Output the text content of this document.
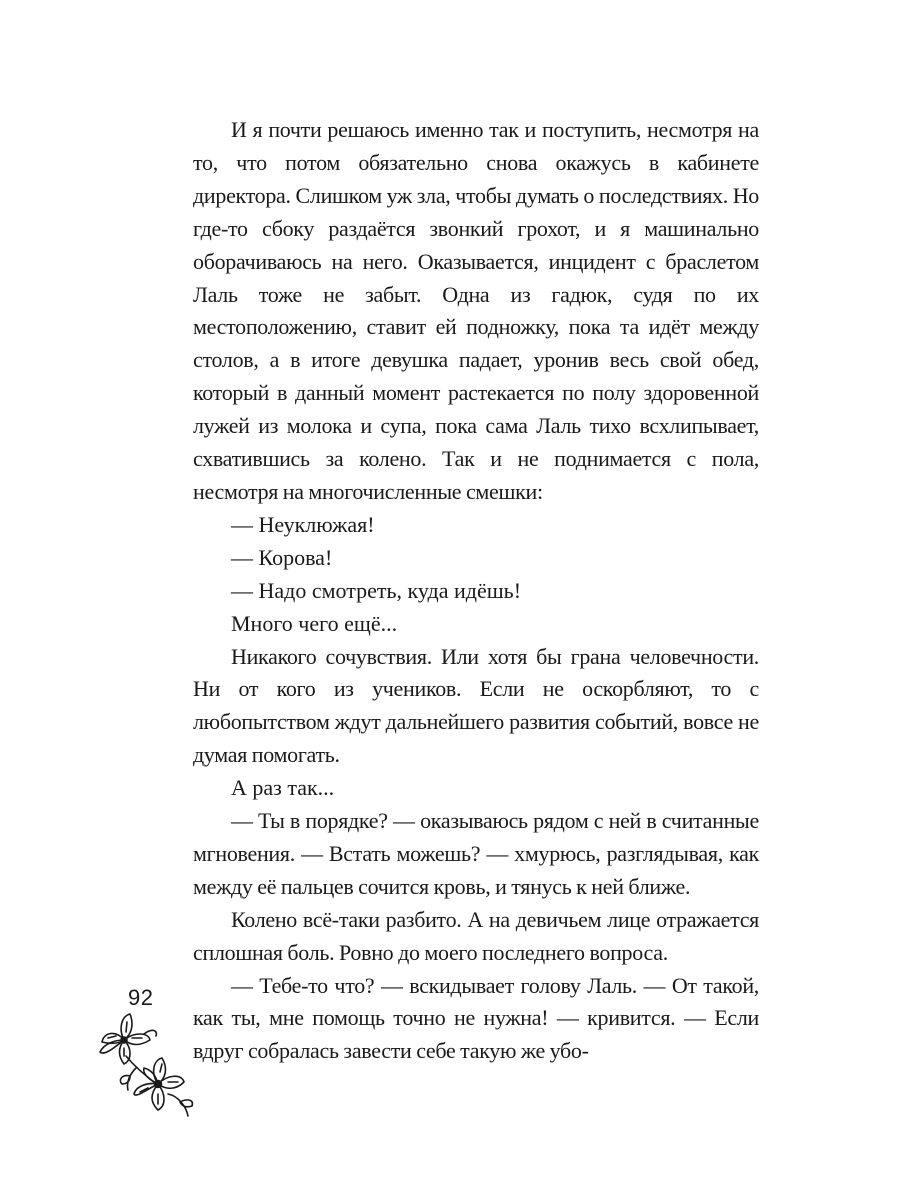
И я почти решаюсь именно так и поступить, несмотря на то, что потом обязательно снова окажусь в кабинете директора. Слишком уж зла, чтобы думать о последствиях. Но где-то сбоку раздаётся звонкий грохот, и я машинально оборачиваюсь на него. Оказывается, инцидент с браслетом Лаль тоже не забыт. Одна из гадюк, судя по их местоположению, ставит ей подножку, пока та идёт между столов, а в итоге девушка падает, уронив весь свой обед, который в данный момент растекается по полу здоровенной лужей из молока и супа, пока сама Лаль тихо всхлипывает, схватившись за колено. Так и не поднимается с пола, несмотря на многочисленные смешки:

— Неуклюжая!

— Корова!

— Надо смотреть, куда идёшь!

Много чего ещё...

Никакого сочувствия. Или хотя бы грана человечности. Ни от кого из учеников. Если не оскорбляют, то с любопытством ждут дальнейшего развития событий, вовсе не думая помогать.

А раз так...

— Ты в порядке? — оказываюсь рядом с ней в считанные мгновения. — Встать можешь? — хмурюсь, разглядывая, как между её пальцев сочится кровь, и тянусь к ней ближе.

Колено всё-таки разбито. А на девичьем лице отражается сплошная боль. Ровно до моего последнего вопроса.

— Тебе-то что? — вскидывает голову Лаль. — От такой, как ты, мне помощь точно не нужна! — кривится. — Если вдруг собралась завести себе такую же убо-

92
